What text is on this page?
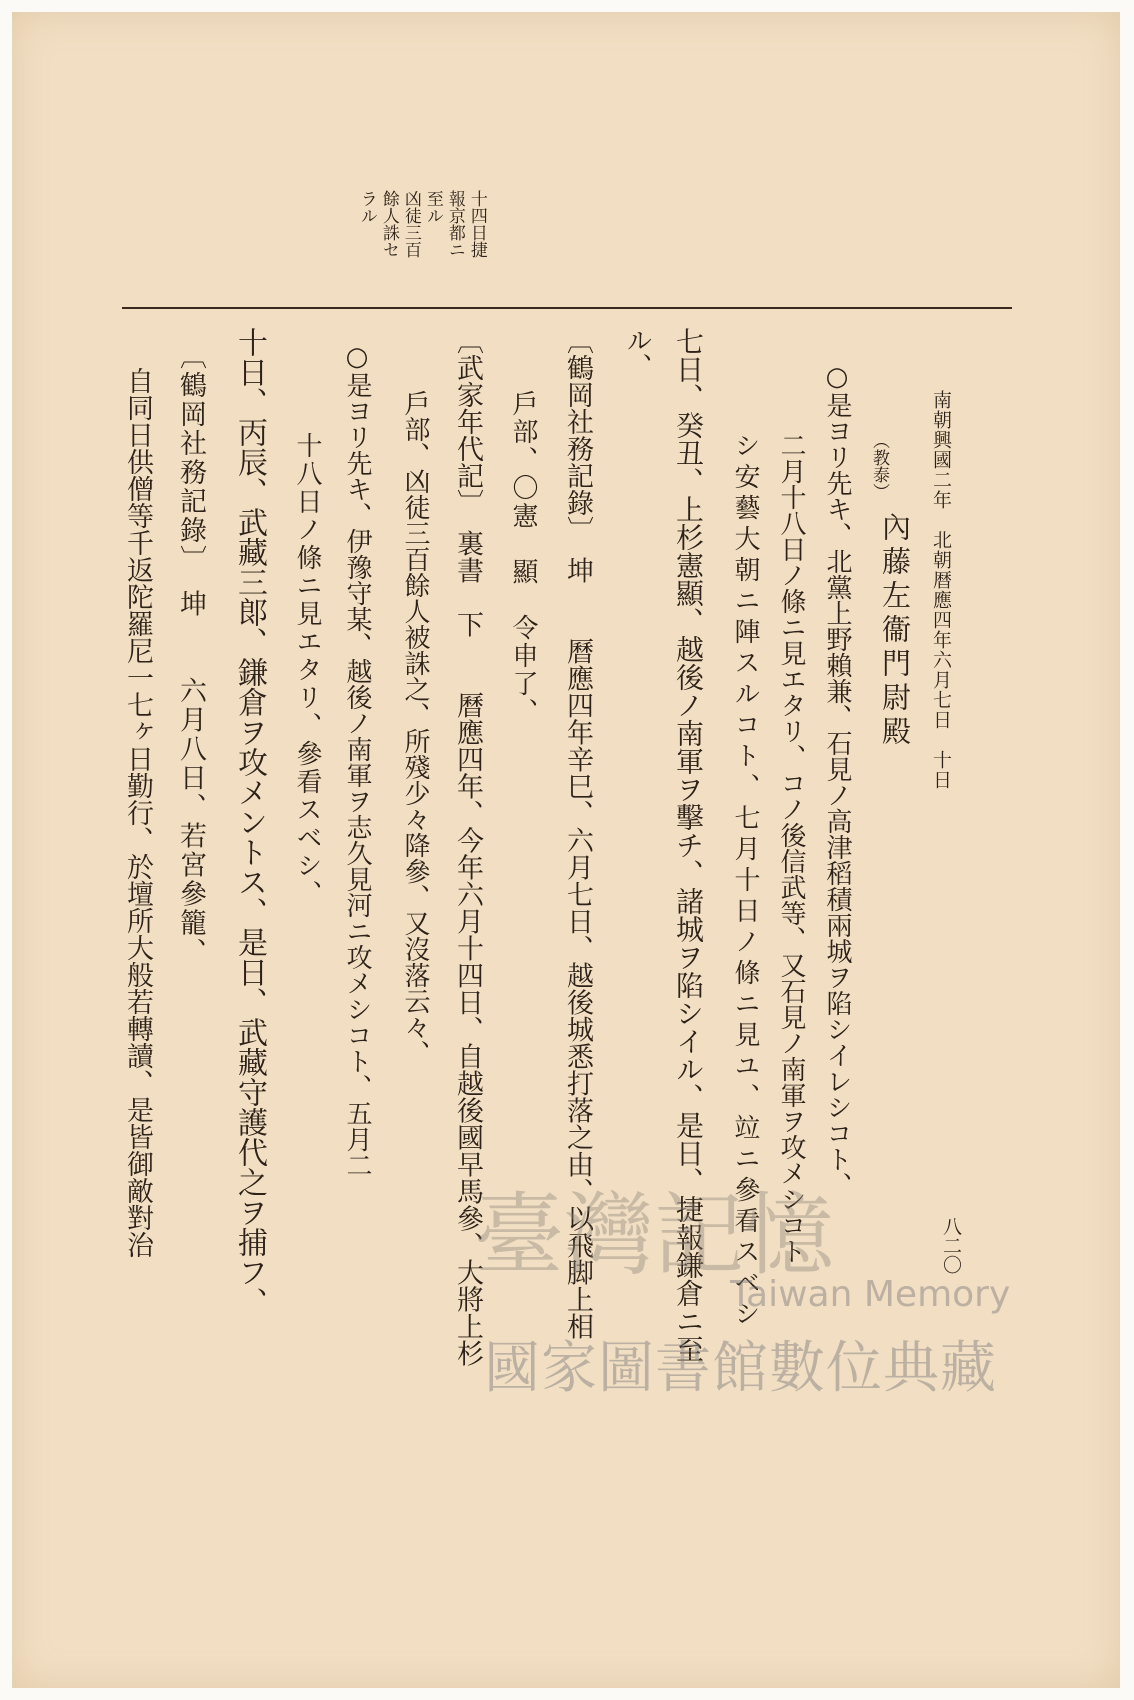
南朝興國二年　北朝暦應四年六月七日　十日
八二〇
十四日捷
報京都ニ
至ル
凶徒三百
餘人誅セ
ラル
（教泰）
內藤左衞門尉殿
○是ヨリ先キ、北黨上野賴兼、石見ノ高津稻積兩城ヲ陷シイレシコト、
二月十八日ノ條ニ見エタリ、コノ後信武等、又石見ノ南軍ヲ攻メシコト
シ安藝大朝ニ陣スルコト、七月十日ノ條ニ見ユ、竝ニ參看スベシ
七日、癸丑、上杉憲顯、越後ノ南軍ヲ擊チ、諸城ヲ陷シイル、是日、捷報鎌倉ニ至
ル、
〔鶴岡社務記錄〕　坤　　曆應四年辛巳、六月七日、越後城悉打落之由、以飛脚上相
戶部、〇憲　顯　令申了、
〔武家年代記〕　裏書　下　　曆應四年、今年六月十四日、自越後國早馬參、大將上杉
戶部、凶徒三百餘人被誅之、所殘少々降參、又沒落云々、
○是ヨリ先キ、伊豫守某、越後ノ南軍ヲ志久見河ニ攻メシコト、五月二
十八日ノ條ニ見エタリ、參看スベシ、
十日、丙辰、武藏三郞、鎌倉ヲ攻メントス、是日、武藏守護代之ヲ捕フ、
〔鶴岡社務記錄〕　坤　　六月八日、若宮參籠、
自同日供僧等千返陀羅尼一七ヶ日勤行、於壇所大般若轉讀、是皆御敵對治	臺灣記憶
Taiwan Memory
國家圖書館數位典藏
